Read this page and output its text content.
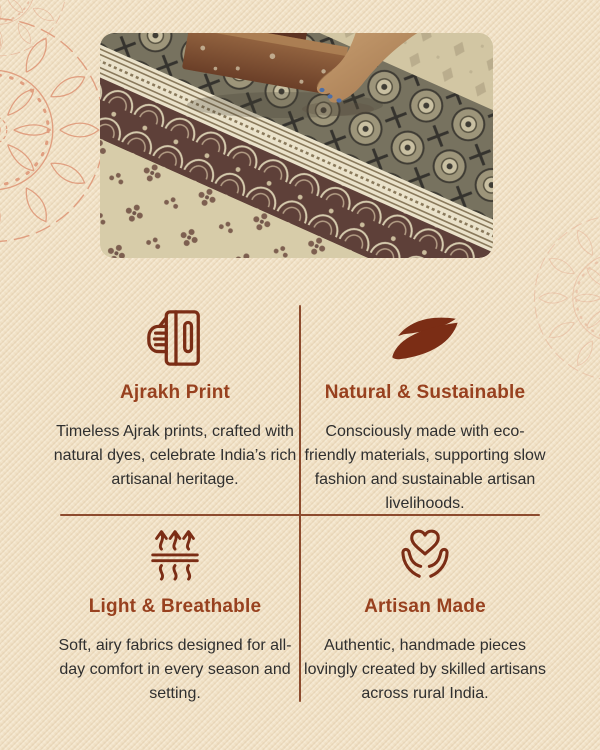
Ajrakh Print

Timeless Ajrak prints, crafted with natural dyes, celebrate India’s rich artisanal heritage.

Natural & Sustainable

Consciously made with eco-friendly materials, supporting slow fashion and sustainable artisan livelihoods.

Light & Breathable

Soft, airy fabrics designed for all-day comfort in every season and setting.

Artisan Made

Authentic, handmade pieces lovingly created by skilled artisans across rural India.
